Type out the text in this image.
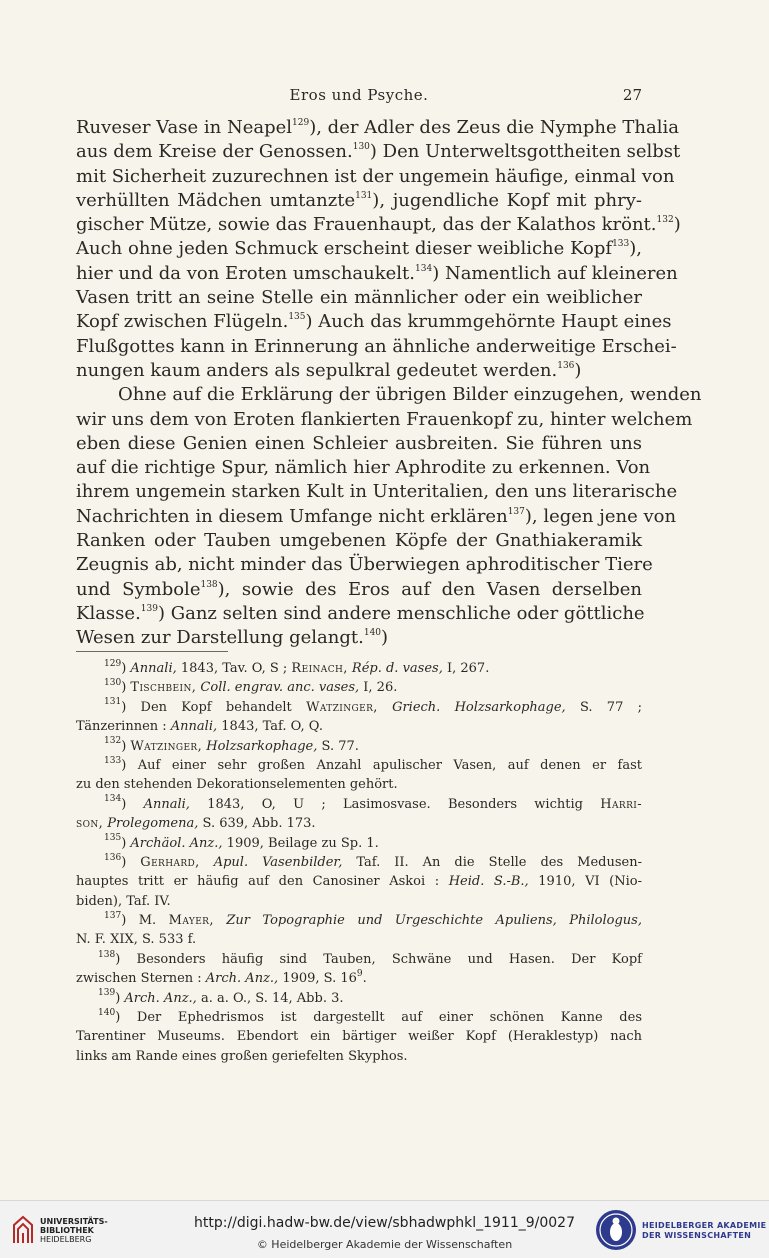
Eros und Psyche.	27
Ruveser Vase in Neapel$^{129}$), der Adler des Zeus die Nymphe Thalia
aus dem Kreise der Genossen.$^{130}$) Den Unterweltsgottheiten selbst
mit Sicherheit zuzurechnen ist der ungemein häufige, einmal von
verhüllten Mädchen umtanzte$^{131}$), jugendliche Kopf mit phry-
gischer Mütze, sowie das Frauenhaupt, das der Kalathos krönt.$^{132}$)
Auch ohne jeden Schmuck erscheint dieser weibliche Kopf$^{133}$),
hier und da von Eroten umschaukelt.$^{134}$) Namentlich auf kleineren
Vasen tritt an seine Stelle ein männlicher oder ein weiblicher
Kopf zwischen Flügeln.$^{135}$) Auch das krummgehörnte Haupt eines
Flußgottes kann in Erinnerung an ähnliche anderweitige Erschei-
nungen kaum anders als sepulkral gedeutet werden.$^{136}$)
Ohne auf die Erklärung der übrigen Bilder einzugehen, wenden
wir uns dem von Eroten flankierten Frauenkopf zu, hinter welchem
eben diese Genien einen Schleier ausbreiten. Sie führen uns
auf die richtige Spur, nämlich hier Aphrodite zu erkennen. Von
ihrem ungemein starken Kult in Unteritalien, den uns literarische
Nachrichten in diesem Umfange nicht erklären$^{137}$), legen jene von
Ranken oder Tauben umgebenen Köpfe der Gnathiakeramik
Zeugnis ab, nicht minder das Überwiegen aphroditischer Tiere
und Symbole$^{138}$), sowie des Eros auf den Vasen derselben
Klasse.$^{139}$) Ganz selten sind andere menschliche oder göttliche
Wesen zur Darstellung gelangt.$^{140}$)
$^{129}$) Annali, 1843, Tav. O, S ; Reinach, Rép. d. vases, I, 267.
$^{130}$) Tischbein, Coll. engrav. anc. vases, I, 26.
$^{131}$) Den Kopf behandelt Watzinger, Griech. Holzsarkophage, S. 77 ;
Tänzerinnen : Annali, 1843, Taf. O, Q.
$^{132}$) Watzinger, Holzsarkophage, S. 77.
$^{133}$) Auf einer sehr großen Anzahl apulischer Vasen, auf denen er fast
zu den stehenden Dekorationselementen gehört.
$^{134}$) Annali, 1843, O, U ; Lasimosvase. Besonders wichtig Harri-
son, Prolegomena, S. 639, Abb. 173.
$^{135}$) Archäol. Anz., 1909, Beilage zu Sp. 1.
$^{136}$) Gerhard, Apul. Vasenbilder, Taf. II. An die Stelle des Medusen-
hauptes tritt er häufig auf den Canosiner Askoi : Heid. S.-B., 1910, VI (Nio-
biden), Taf. IV.
$^{137}$) M. Mayer, Zur Topographie und Urgeschichte Apuliens, Philologus,
N. F. XIX, S. 533 f.
$^{138}$) Besonders häufig sind Tauben, Schwäne und Hasen. Der Kopf
zwischen Sternen : Arch. Anz., 1909, S. $16^9$.
$^{139}$) Arch. Anz., a. a. O., S. 14, Abb. 3.
$^{140}$) Der Ephedrismos ist dargestellt auf einer schönen Kanne des
Tarentiner Museums. Ebendort ein bärtiger weißer Kopf (Heraklestyp) nach
links am Rande eines großen geriefelten Skyphos.
UNIVERSITÄTS-
BIBLIOTHEK
HEIDELBERG
http://digi.hadw-bw.de/view/sbhadwphkl_1911_9/0027
© Heidelberger Akademie der Wissenschaften
HEIDELBERGER AKADEMIE
DER WISSENSCHAFTEN
